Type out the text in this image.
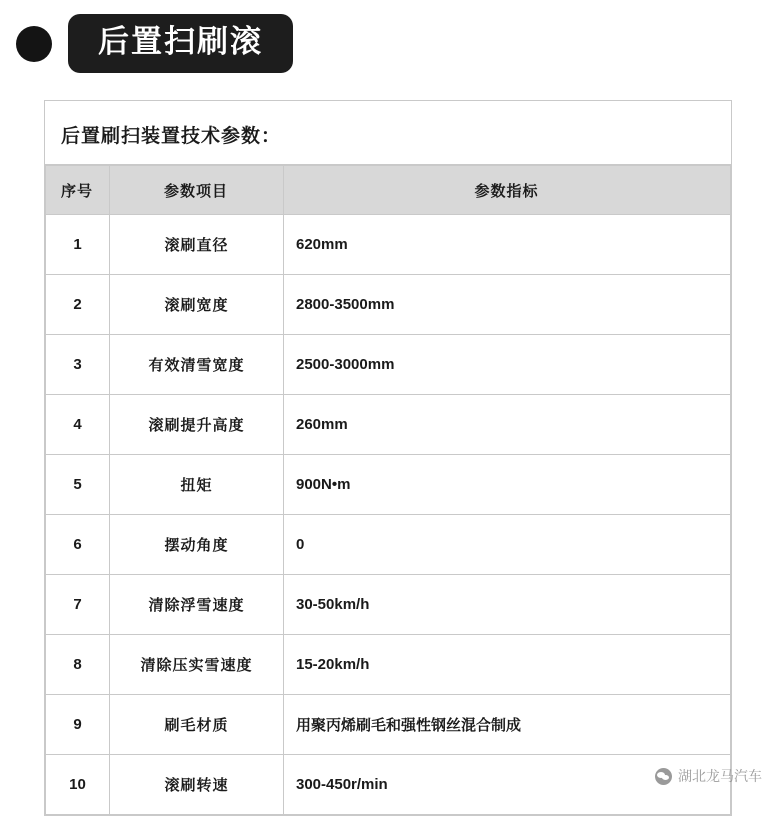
后置扫刷滚
后置刷扫装置技术参数：
序号	参数项目	参数指标
1	滚刷直径	620mm
2	滚刷宽度	2800-3500mm
3	有效清雪宽度	2500-3000mm
4	滚刷提升高度	260mm
5	扭矩	900N•m
6	摆动角度	0
7	清除浮雪速度	30-50km/h
8	清除压实雪速度	15-20km/h
9	刷毛材质	用聚丙烯刷毛和强性钢丝混合制成
10	滚刷转速	300-450r/min	湖北龙马汽车
